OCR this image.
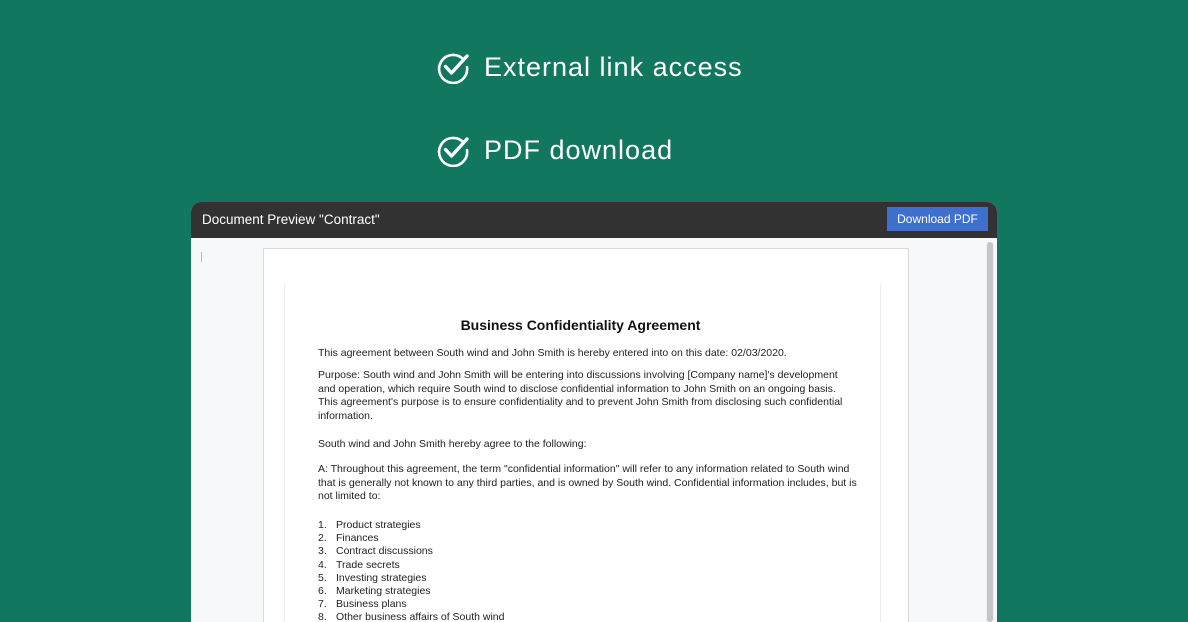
External link access
PDF download
Document Preview "Contract"	Download PDF
Business Confidentiality Agreement
This agreement between South wind and John Smith is hereby entered into on this date: 02/03/2020.
Purpose: South wind and John Smith will be entering into discussions involving [Company name]'s development and operation, which require South wind to disclose confidential information to John Smith on an ongoing basis. This agreement's purpose is to ensure confidentiality and to prevent John Smith from disclosing such confidential information.
South wind and John Smith hereby agree to the following:
A: Throughout this agreement, the term "confidential information" will refer to any information related to South wind that is generally not known to any third parties, and is owned by South wind. Confidential information includes, but is not limited to:
1. Product strategies
2. Finances
3. Contract discussions
4. Trade secrets
5. Investing strategies
6. Marketing strategies
7. Business plans
8. Other business affairs of South wind
